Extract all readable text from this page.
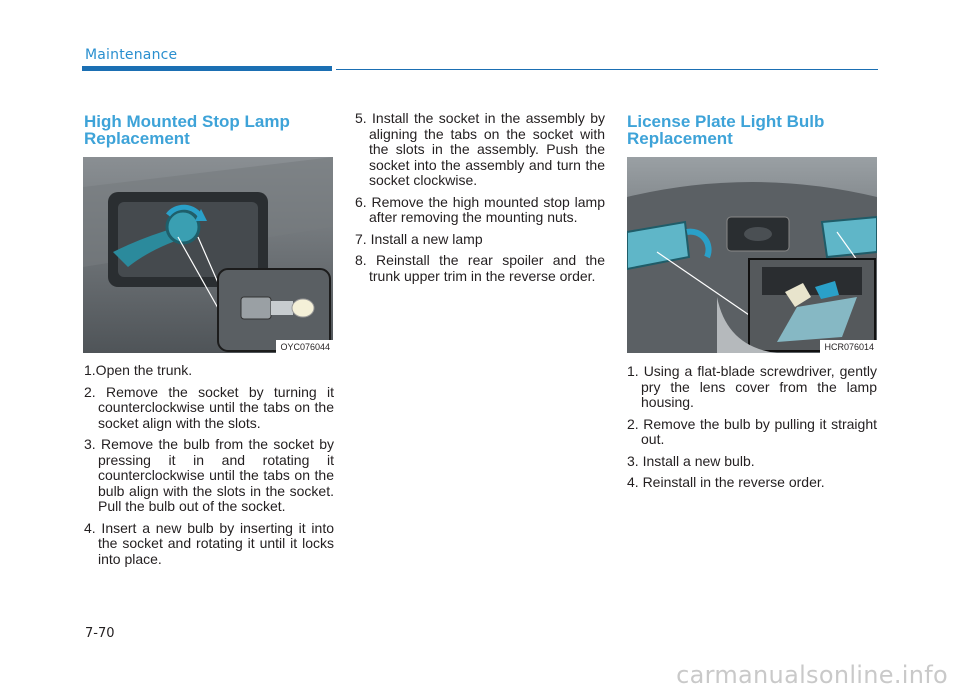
Maintenance
High Mounted Stop Lamp Replacement
OYC076044
1.Open the trunk.
2. Remove the socket by turning it counterclockwise until the tabs on the socket align with the slots.
3. Remove the bulb from the socket by pressing it in and rotating it counterclockwise until the tabs on the bulb align with the slots in the socket. Pull the bulb out of the socket.
4. Insert a new bulb by inserting it into the socket and rotating it until it locks into place.
5. Install the socket in the assembly by aligning the tabs on the socket with the slots in the assembly. Push the socket into the assembly and turn the socket clockwise.
6. Remove the high mounted stop lamp after removing the mounting nuts.
7. Install a new lamp
8. Reinstall the rear spoiler and the trunk upper trim in the reverse order.
License Plate Light Bulb Replacement
HCR076014
1. Using a flat-blade screwdriver, gently pry the lens cover from the lamp housing.
2. Remove the bulb by pulling it straight out.
3. Install a new bulb.
4. Reinstall in the reverse order.
7-70
carmanualsonline.info
